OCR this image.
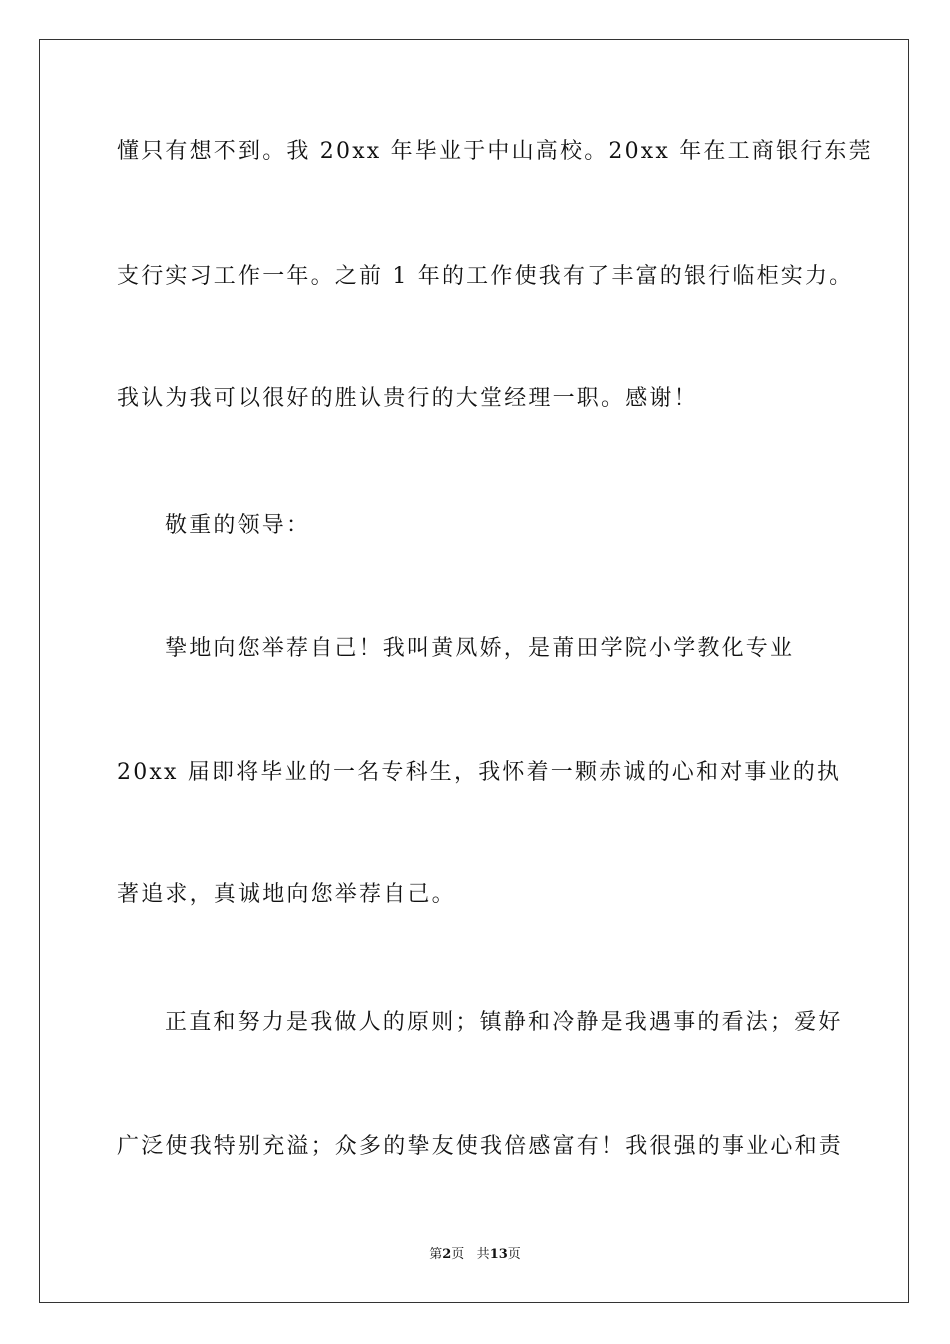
懂只有想不到。我 20xx 年毕业于中山高校。20xx 年在工商银行东莞
支行实习工作一年。之前 1 年的工作使我有了丰富的银行临柜实力。
我认为我可以很好的胜认贵行的大堂经理一职。感谢！
敬重的领导：
挚地向您举荐自己！我叫黄凤娇，是莆田学院小学教化专业
20xx 届即将毕业的一名专科生，我怀着一颗赤诚的心和对事业的执
著追求，真诚地向您举荐自己。
正直和努力是我做人的原则；镇静和冷静是我遇事的看法；爱好
广泛使我特别充溢；众多的挚友使我倍感富有！我很强的事业心和责
第2页 共13页
